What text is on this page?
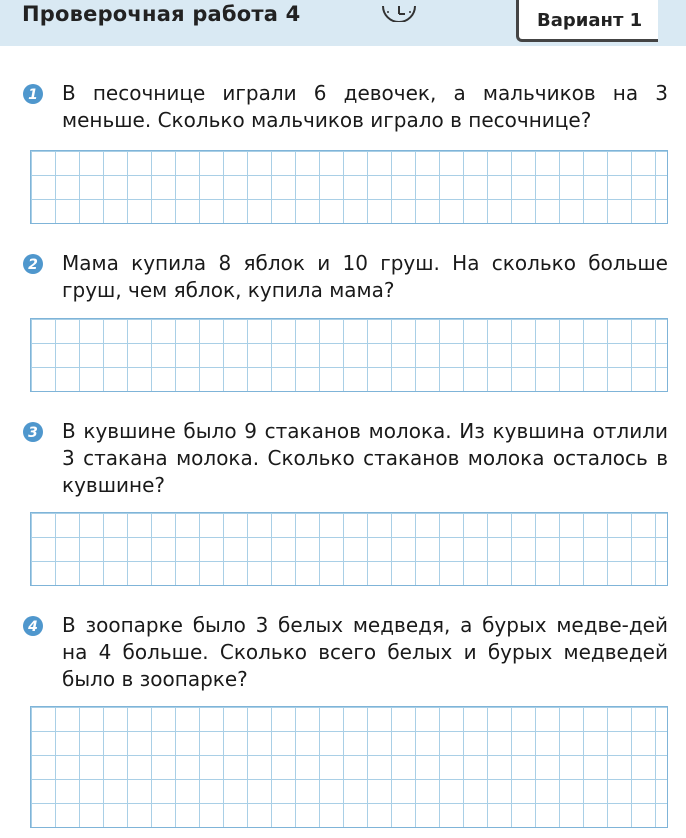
Проверочная работа 4	Вариант 1
1 В песочнице играли 6 девочек, а мальчиков на 3 меньше. Сколько мальчиков играло в песочнице?
2 Мама купила 8 яблок и 10 груш. На сколько больше груш, чем яблок, купила мама?
3 В кувшине было 9 стаканов молока. Из кувшина отлили 3 стакана молока. Сколько стаканов молока осталось в кувшине?
4 В зоопарке было 3 белых медведя, а бурых медве-дей на 4 больше. Сколько всего белых и бурых медведей было в зоопарке?
